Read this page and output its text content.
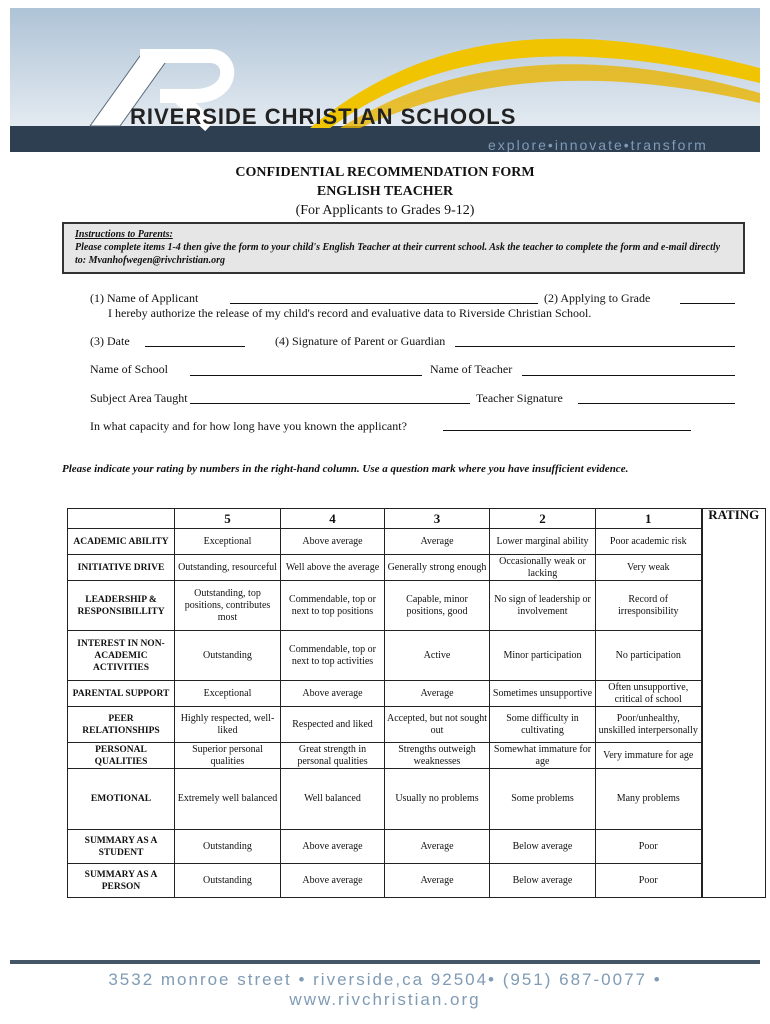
RIVERSIDE CHRISTIAN SCHOOLS
explore•innovate•transform
CONFIDENTIAL RECOMMENDATION FORM
ENGLISH TEACHER
(For Applicants to Grades 9-12)
Instructions to Parents:
Please complete items 1-4 then give the form to your child's English Teacher at their current school. Ask the teacher to complete the form and e-mail directly to: Mvanhofwegen@rivchristian.org
(1) Name of Applicant	(2) Applying to Grade
I hereby authorize the release of my child's record and evaluative data to Riverside Christian School.
(3) Date	(4) Signature of Parent or Guardian
Name of School	Name of Teacher
Subject Area Taught	Teacher Signature
In what capacity and for how long have you known the applicant?
Please indicate your rating by numbers in the right-hand column. Use a question mark where you have insufficient evidence.
	5	4	3	2	1	RATING
ACADEMIC ABILITY	Exceptional	Above average	Average	Lower marginal ability	Poor academic risk	
INITIATIVE DRIVE	Outstanding, resourceful	Well above the average	Generally strong enough	Occasionally weak or lacking	Very weak	
LEADERSHIP & RESPONSIBILLITY	Outstanding, top positions, contributes most	Commendable, top or next to top positions	Capable, minor positions, good	No sign of leadership or involvement	Record of irresponsibility	
INTEREST IN NON-ACADEMIC ACTIVITIES	Outstanding	Commendable, top or next to top activities	Active	Minor participation	No participation	
PARENTAL SUPPORT	Exceptional	Above average	Average	Sometimes unsupportive	Often unsupportive, critical of school	
PEER RELATIONSHIPS	Highly respected, well-liked	Respected and liked	Accepted, but not sought out	Some difficulty in cultivating	Poor/unhealthy, unskilled interpersonally	
PERSONAL QUALITIES	Superior personal qualities	Great strength in personal qualities	Strengths outweigh weaknesses	Somewhat immature for age	Very immature for age	
EMOTIONAL	Extremely well balanced	Well balanced	Usually no problems	Some problems	Many problems	
SUMMARY AS A STUDENT	Outstanding	Above average	Average	Below average	Poor	
SUMMARY AS A PERSON	Outstanding	Above average	Average	Below average	Poor	
3532 monroe street • riverside,ca 92504• (951) 687-0077 • www.rivchristian.org
